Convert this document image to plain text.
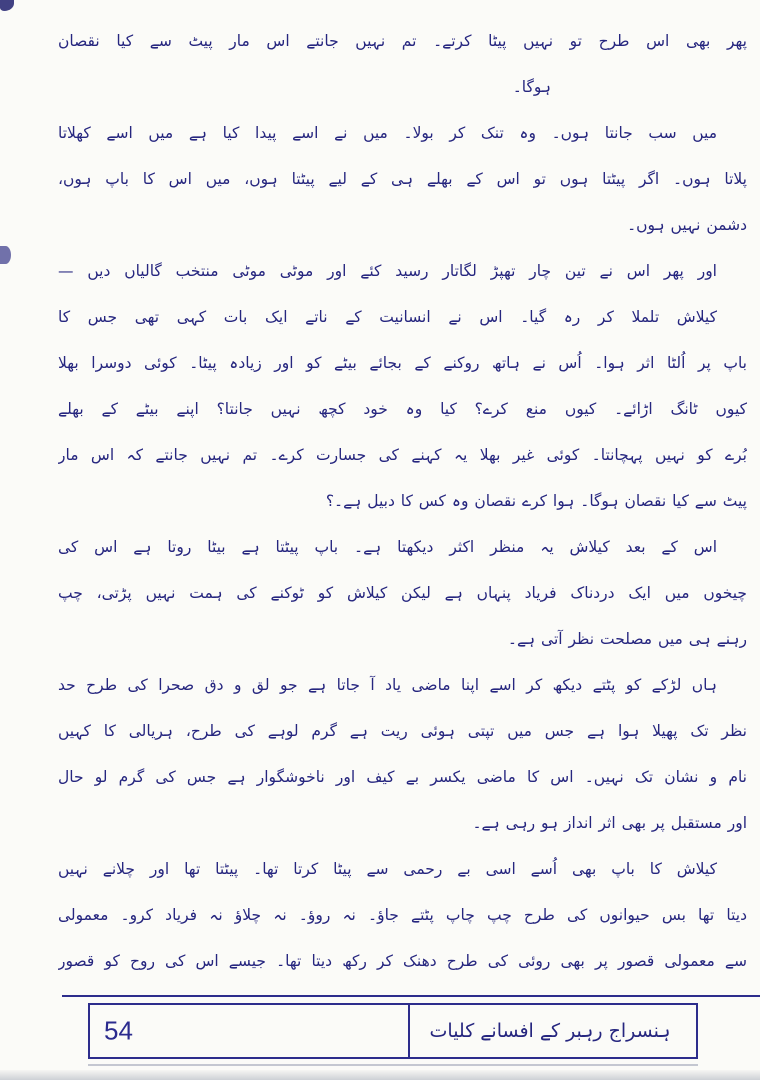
پھر بھی اس طرح تو نہیں پیٹا کرتے۔ تم نہیں جانتے اس مار پیٹ سے کیا نقصان
ہوگا۔
میں سب جانتا ہوں۔ وہ تنک کر بولا۔ میں نے اسے پیدا کیا ہے میں اسے کھلاتا
پلاتا ہوں۔ اگر پیٹتا ہوں تو اس کے بھلے ہی کے لیے پیٹتا ہوں، میں اس کا باپ ہوں،
دشمن نہیں ہوں۔
اور پھر اس نے تین چار تھپڑ لگاتار رسید کئے اور موٹی موٹی منتخب گالیاں دیں —
کیلاش تلملا کر رہ گیا۔ اس نے انسانیت کے ناتے ایک بات کہی تھی جس کا
باپ پر اُلٹا اثر ہوا۔ اُس نے ہاتھ روکنے کے بجائے بیٹے کو اور زیادہ پیٹا۔ کوئی دوسرا بھلا
کیوں ٹانگ اڑائے۔ کیوں منع کرے؟ کیا وہ خود کچھ نہیں جانتا؟ اپنے بیٹے کے بھلے
بُرے کو نہیں پہچانتا۔ کوئی غیر بھلا یہ کہنے کی جسارت کرے۔ تم نہیں جانتے کہ اس مار
پیٹ سے کیا نقصان ہوگا۔ ہوا کرے نقصان وہ کس کا دبیل ہے۔؟
اس کے بعد کیلاش یہ منظر اکثر دیکھتا ہے۔ باپ پیٹتا ہے بیٹا روتا ہے اس کی
چیخوں میں ایک دردناک فریاد پنہاں ہے لیکن کیلاش کو ٹوکنے کی ہمت نہیں پڑتی، چپ
رہنے ہی میں مصلحت نظر آتی ہے۔
ہاں لڑکے کو پٹتے دیکھ کر اسے اپنا ماضی یاد آ جاتا ہے جو لق و دق صحرا کی طرح حد
نظر تک پھیلا ہوا ہے جس میں تپتی ہوئی ریت ہے گرم لوہے کی طرح، ہریالی کا کہیں
نام و نشان تک نہیں۔ اس کا ماضی یکسر بے کیف اور ناخوشگوار ہے جس کی گرم لو حال
اور مستقبل پر بھی اثر انداز ہو رہی ہے۔
کیلاش کا باپ بھی اُسے اسی بے رحمی سے پیٹا کرتا تھا۔ پیٹتا تھا اور چلانے نہیں
دیتا تھا بس حیوانوں کی طرح چپ چاپ پٹتے جاؤ۔ نہ روؤ۔ نہ چلاؤ نہ فریاد کرو۔ معمولی
سے معمولی قصور پر بھی روئی کی طرح دھنک کر رکھ دیتا تھا۔ جیسے اس کی روح کو قصور
54	ہنسراج رہبر کے افسانے کلیات
